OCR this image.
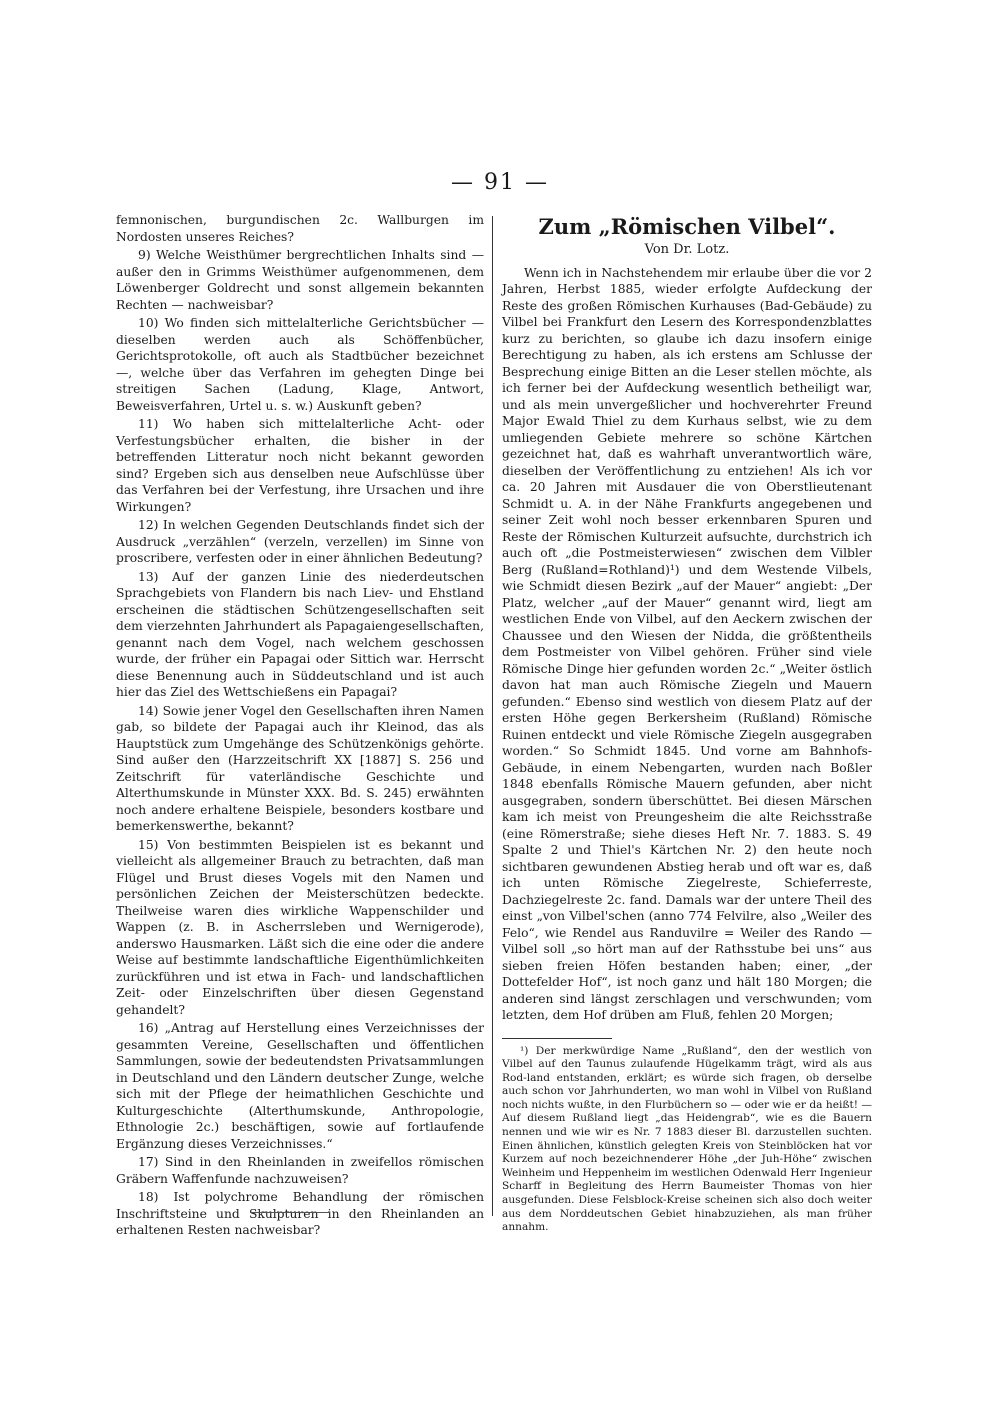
— 91 —

femnonischen, burgundischen 2c. Wallburgen im Nordosten unseres Reiches?

9) Welche Weisthümer bergrechtlichen Inhalts sind — außer den in Grimms Weisthümer aufgenommenen, dem Löwenberger Goldrecht und sonst allgemein bekannten Rechten — nachweisbar?

10) Wo finden sich mittelalterliche Gerichtsbücher — dieselben werden auch als Schöffenbücher, Gerichtsprotokolle, oft auch als Stadtbücher bezeichnet —, welche über das Verfahren im gehegten Dinge bei streitigen Sachen (Ladung, Klage, Antwort, Beweisverfahren, Urtel u. s. w.) Auskunft geben?

11) Wo haben sich mittelalterliche Acht- oder Verfestungsbücher erhalten, die bisher in der betreffenden Litteratur noch nicht bekannt geworden sind? Ergeben sich aus denselben neue Aufschlüsse über das Verfahren bei der Verfestung, ihre Ursachen und ihre Wirkungen?

12) In welchen Gegenden Deutschlands findet sich der Ausdruck „verzählen“ (verzeln, verzellen) im Sinne von proscribere, verfesten oder in einer ähnlichen Bedeutung?

13) Auf der ganzen Linie des niederdeutschen Sprachgebiets von Flandern bis nach Liev- und Ehstland erscheinen die städtischen Schützengesellschaften seit dem vierzehnten Jahrhundert als Papagaiengesellschaften, genannt nach dem Vogel, nach welchem geschossen wurde, der früher ein Papagai oder Sittich war. Herrscht diese Benennung auch in Süddeutschland und ist auch hier das Ziel des Wettschießens ein Papagai?

14) Sowie jener Vogel den Gesellschaften ihren Namen gab, so bildete der Papagai auch ihr Kleinod, das als Hauptstück zum Umgehänge des Schützenkönigs gehörte. Sind außer den (Harzzeitschrift XX [1887] S. 256 und Zeitschrift für vaterländische Geschichte und Alterthumskunde in Münster XXX. Bd. S. 245) erwähnten noch andere erhaltene Beispiele, besonders kostbare und bemerkenswerthe, bekannt?

15) Von bestimmten Beispielen ist es bekannt und vielleicht als allgemeiner Brauch zu betrachten, daß man Flügel und Brust dieses Vogels mit den Namen und persönlichen Zeichen der Meisterschützen bedeckte. Theilweise waren dies wirkliche Wappenschilder und Wappen (z. B. in Ascherrsleben und Wernigerode), anderswo Hausmarken. Läßt sich die eine oder die andere Weise auf bestimmte landschaftliche Eigenthümlichkeiten zurückführen und ist etwa in Fach- und landschaftlichen Zeit- oder Einzelschriften über diesen Gegenstand gehandelt?

16) „Antrag auf Herstellung eines Verzeichnisses der gesammten Vereine, Gesellschaften und öffentlichen Sammlungen, sowie der bedeutendsten Privatsammlungen in Deutschland und den Ländern deutscher Zunge, welche sich mit der Pflege der heimathlichen Geschichte und Kulturgeschichte (Alterthumskunde, Anthropologie, Ethnologie 2c.) beschäftigen, sowie auf fortlaufende Ergänzung dieses Verzeichnisses.“

17) Sind in den Rheinlanden in zweifellos römischen Gräbern Waffenfunde nachzuweisen?

18) Ist polychrome Behandlung der römischen Inschriftsteine und Skulpturen in den Rheinlanden an erhaltenen Resten nachweisbar?

Zum „Römischen Vilbel“.
Von Dr. Lotz.

Wenn ich in Nachstehendem mir erlaube über die vor 2 Jahren, Herbst 1885, wieder erfolgte Aufdeckung der Reste des großen Römischen Kurhauses (Bad-Gebäude) zu Vilbel bei Frankfurt den Lesern des Korrespondenzblattes kurz zu berichten, so glaube ich dazu insofern einige Berechtigung zu haben, als ich erstens am Schlusse der Besprechung einige Bitten an die Leser stellen möchte, als ich ferner bei der Aufdeckung wesentlich betheiligt war, und als mein unvergeßlicher und hochverehrter Freund Major Ewald Thiel zu dem Kurhaus selbst, wie zu dem umliegenden Gebiete mehrere so schöne Kärtchen gezeichnet hat, daß es wahrhaft unverantwortlich wäre, dieselben der Veröffentlichung zu entziehen! Als ich vor ca. 20 Jahren mit Ausdauer die von Oberstlieutenant Schmidt u. A. in der Nähe Frankfurts angegebenen und seiner Zeit wohl noch besser erkennbaren Spuren und Reste der Römischen Kulturzeit aufsuchte, durchstrich ich auch oft „die Postmeisterwiesen“ zwischen dem Vilbler Berg (Rußland=Rothland)¹) und dem Westende Vilbels, wie Schmidt diesen Bezirk „auf der Mauer“ angiebt: „Der Platz, welcher „auf der Mauer“ genannt wird, liegt am westlichen Ende von Vilbel, auf den Aeckern zwischen der Chaussee und den Wiesen der Nidda, die größtentheils dem Postmeister von Vilbel gehören. Früher sind viele Römische Dinge hier gefunden worden 2c.“ „Weiter östlich davon hat man auch Römische Ziegeln und Mauern gefunden.“ Ebenso sind westlich von diesem Platz auf der ersten Höhe gegen Berkersheim (Rußland) Römische Ruinen entdeckt und viele Römische Ziegeln ausgegraben worden.“ So Schmidt 1845. Und vorne am Bahnhofs-Gebäude, in einem Nebengarten, wurden nach Boßler 1848 ebenfalls Römische Mauern gefunden, aber nicht ausgegraben, sondern überschüttet. Bei diesen Märschen kam ich meist von Preungesheim die alte Reichsstraße (eine Römerstraße; siehe dieses Heft Nr. 7. 1883. S. 49 Spalte 2 und Thiel's Kärtchen Nr. 2) den heute noch sichtbaren gewundenen Abstieg herab und oft war es, daß ich unten Römische Ziegelreste, Schieferreste, Dachziegelreste 2c. fand. Damals war der untere Theil des einst „von Vilbel'schen (anno 774 Felvilre, also „Weiler des Felo“, wie Rendel aus Randuvilre = Weiler des Rando — Vilbel soll „so hört man auf der Rathsstube bei uns“ aus sieben freien Höfen bestanden haben; einer, „der Dottefelder Hof“, ist noch ganz und hält 180 Morgen; die anderen sind längst zerschlagen und verschwunden; vom letzten, dem Hof drüben am Fluß, fehlen 20 Morgen;

¹) Der merkwürdige Name „Rußland“, den der westlich von Vilbel auf den Taunus zulaufende Hügelkamm trägt, wird als aus Rod-land entstanden, erklärt; es würde sich fragen, ob derselbe auch schon vor Jahrhunderten, wo man wohl in Vilbel von Rußland noch nichts wußte, in den Flurbüchern so — oder wie er da heißt! — Auf diesem Rußland liegt „das Heidengrab“, wie es die Bauern nennen und wie wir es Nr. 7 1883 dieser Bl. darzustellen suchten. Einen ähnlichen, künstlich gelegten Kreis von Steinblöcken hat vor Kurzem auf noch bezeichnenderer Höhe „der Juh-Höhe“ zwischen Weinheim und Heppenheim im westlichen Odenwald Herr Ingenieur Scharff in Begleitung des Herrn Baumeister Thomas von hier ausgefunden. Diese Felsblock-Kreise scheinen sich also doch weiter aus dem Norddeutschen Gebiet hinabzuziehen, als man früher annahm.
